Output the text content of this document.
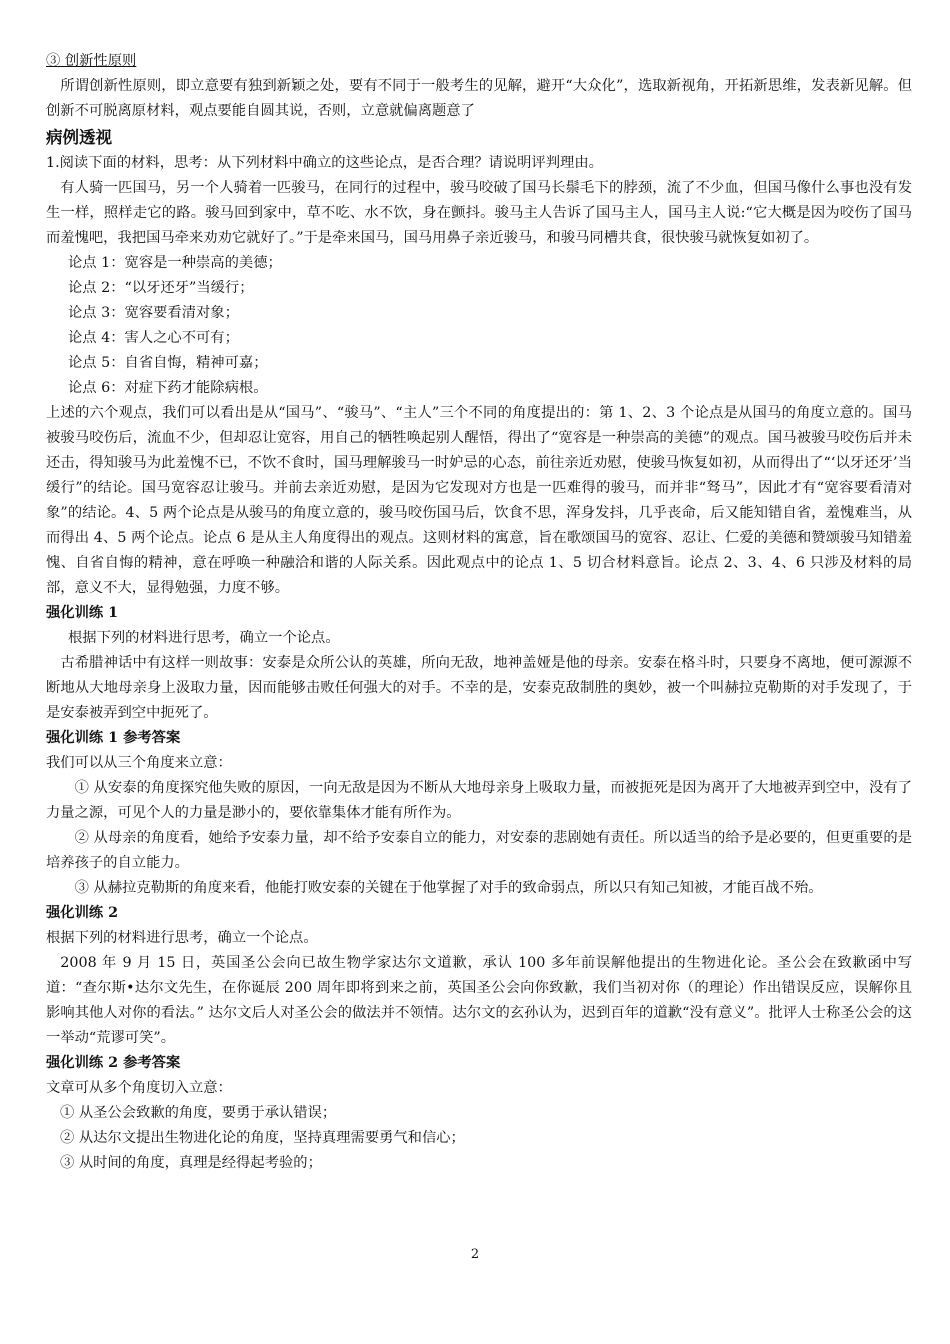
③ 创新性原则
所谓创新性原则，即立意要有独到新颖之处，要有不同于一般考生的见解，避开“大众化”，选取新视角，开拓新思维，发表新见解。但创新不可脱离原材料，观点要能自圆其说，否则，立意就偏离题意了
病例透视
1.阅读下面的材料，思考：从下列材料中确立的这些论点，是否合理？请说明评判理由。
有人骑一匹国马，另一个人骑着一匹骏马，在同行的过程中，骏马咬破了国马长鬃毛下的脖颈，流了不少血，但国马像什么事也没有发生一样，照样走它的路。骏马回到家中，草不吃、水不饮，身在颤抖。骏马主人告诉了国马主人，国马主人说:“它大概是因为咬伤了国马而羞愧吧，我把国马牵来劝劝它就好了。”于是牵来国马，国马用鼻子亲近骏马，和骏马同槽共食，很快骏马就恢复如初了。
论点 1：宽容是一种崇高的美德；
论点 2：“以牙还牙”当缓行；
论点 3：宽容要看清对象；
论点 4：害人之心不可有；
论点 5：自省自悔，精神可嘉；
论点 6：对症下药才能除病根。
上述的六个观点，我们可以看出是从“国马”、“骏马”、“主人”三个不同的角度提出的：第 1、2、3 个论点是从国马的角度立意的。国马被骏马咬伤后，流血不少，但却忍让宽容，用自己的牺牲唤起别人醒悟，得出了“宽容是一种崇高的美德”的观点。国马被骏马咬伤后并未还击，得知骏马为此羞愧不已，不饮不食时，国马理解骏马一时妒忌的心态，前往亲近劝慰，使骏马恢复如初，从而得出了“‘以牙还牙’当缓行”的结论。国马宽容忍让骏马。并前去亲近劝慰，是因为它发现对方也是一匹难得的骏马，而并非“驽马”，因此才有“宽容要看清对象”的结论。4、5 两个论点是从骏马的角度立意的，骏马咬伤国马后，饮食不思，浑身发抖，几乎丧命，后又能知错自省，羞愧难当，从而得出 4、5 两个论点。论点 6 是从主人角度得出的观点。这则材料的寓意，旨在歌颂国马的宽容、忍让、仁爱的美德和赞颂骏马知错羞愧、自省自悔的精神，意在呼唤一种融洽和谐的人际关系。因此观点中的论点 1、5 切合材料意旨。论点 2、3、4、6 只涉及材料的局部，意义不大，显得勉强，力度不够。
强化训练 1
根据下列的材料进行思考，确立一个论点。
古希腊神话中有这样一则故事：安泰是众所公认的英雄，所向无敌，地神盖娅是他的母亲。安泰在格斗时，只要身不离地，便可源源不断地从大地母亲身上汲取力量，因而能够击败任何强大的对手。不幸的是，安泰克敌制胜的奥妙，被一个叫赫拉克勒斯的对手发现了，于是安泰被弄到空中扼死了。
强化训练 1 参考答案
我们可以从三个角度来立意：
① 从安泰的角度探究他失败的原因，一向无敌是因为不断从大地母亲身上吸取力量，而被扼死是因为离开了大地被弄到空中，没有了力量之源，可见个人的力量是渺小的，要依靠集体才能有所作为。
② 从母亲的角度看，她给予安泰力量，却不给予安泰自立的能力，对安泰的悲剧她有责任。所以适当的给予是必要的，但更重要的是培养孩子的自立能力。
③ 从赫拉克勒斯的角度来看，他能打败安泰的关键在于他掌握了对手的致命弱点，所以只有知己知被，才能百战不殆。
强化训练 2
根据下列的材料进行思考，确立一个论点。
2008 年 9 月 15 日，英国圣公会向已故生物学家达尔文道歉，承认 100 多年前误解他提出的生物进化论。圣公会在致歉函中写道：“查尔斯•达尔文先生，在你诞辰 200 周年即将到来之前，英国圣公会向你致歉，我们当初对你（的理论）作出错误反应，误解你且影响其他人对你的看法。” 达尔文后人对圣公会的做法并不领情。达尔文的玄孙认为，迟到百年的道歉“没有意义”。批评人士称圣公会的这一举动“荒谬可笑”。
强化训练 2 参考答案
文章可从多个角度切入立意：
① 从圣公会致歉的角度，要勇于承认错误；
② 从达尔文提出生物进化论的角度，坚持真理需要勇气和信心；
③ 从时间的角度，真理是经得起考验的；
2
